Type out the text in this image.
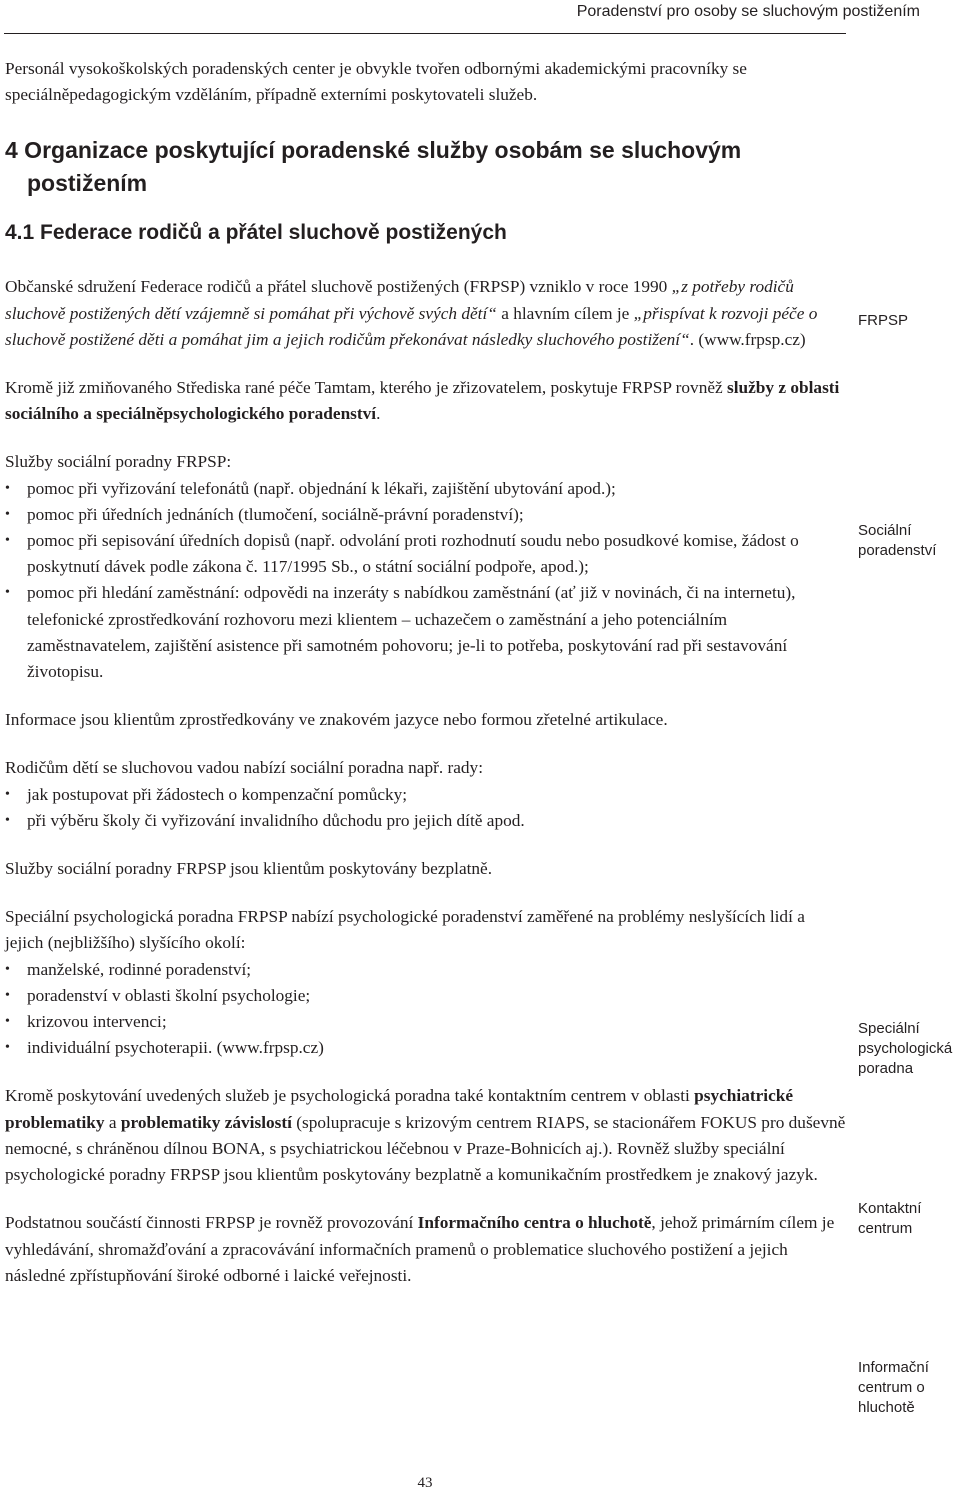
Poradenství pro osoby se sluchovým postižením

Personál vysokoškolských poradenských center je obvykle tvořen odbornými akademickými pracovníky se speciálněpedagogickým vzděláním, případně externími poskytovateli služeb.

4 Organizace poskytující poradenské služby osobám se sluchovým postižením
4.1 Federace rodičů a přátel sluchově postižených

Občanské sdružení Federace rodičů a přátel sluchově postižených (FRPSP) vzniklo v roce 1990 „z potřeby rodičů sluchově postižených dětí vzájemně si pomáhat při výchově svých dětí“ a hlavním cílem je „přispívat k rozvoji péče o sluchově postižené děti a pomáhat jim a jejich rodičům překonávat následky sluchového postižení“. (www.frpsp.cz)

Kromě již zmiňovaného Střediska rané péče Tamtam, kterého je zřizovatelem, poskytuje FRPSP rovněž služby z oblasti sociálního a speciálněpsychologického poradenství.

Služby sociální poradny FRPSP:

• pomoc při vyřizování telefonátů (např. objednání k lékaři, zajištění ubytování apod.);
• pomoc při úředních jednáních (tlumočení, sociálně-právní poradenství);
• pomoc při sepisování úředních dopisů (např. odvolání proti rozhodnutí soudu nebo posudkové komise, žádost o poskytnutí dávek podle zákona č. 117/1995 Sb., o státní sociální podpoře, apod.);
• pomoc při hledání zaměstnání: odpovědi na inzeráty s nabídkou zaměstnání (ať již v novinách, či na internetu), telefonické zprostředkování rozhovoru mezi klientem – uchazečem o zaměstnání a jeho potenciálním zaměstnavatelem, zajištění asistence při samotném pohovoru; je-li to potřeba, poskytování rad při sestavování životopisu.

Informace jsou klientům zprostředkovány ve znakovém jazyce nebo formou zřetelné artikulace.

Rodičům dětí se sluchovou vadou nabízí sociální poradna např. rady:

• jak postupovat při žádostech o kompenzační pomůcky;
• při výběru školy či vyřizování invalidního důchodu pro jejich dítě apod.

Služby sociální poradny FRPSP jsou klientům poskytovány bezplatně.

Speciální psychologická poradna FRPSP nabízí psychologické poradenství zaměřené na problémy neslyšících lidí a jejich (nejbližšího) slyšícího okolí:

• manželské, rodinné poradenství;
• poradenství v oblasti školní psychologie;
• krizovou intervenci;
• individuální psychoterapii. (www.frpsp.cz)

Kromě poskytování uvedených služeb je psychologická poradna také kontaktním centrem v oblasti psychiatrické problematiky a problematiky závislostí (spolupracuje s krizovým centrem RIAPS, se stacionářem FOKUS pro duševně nemocné, s chráněnou dílnou BONA, s psychiatrickou léčebnou v Praze-Bohnicích aj.). Rovněž služby speciální psychologické poradny FRPSP jsou klientům poskytovány bezplatně a komunikačním prostředkem je znakový jazyk.

Podstatnou součástí činnosti FRPSP je rovněž provozování Informačního centra o hluchotě, jehož primárním cílem je vyhledávání, shromažďování a zpracovávání informačních pramenů o problematice sluchového postižení a jejich následné zpřístupňování široké odborné i laické veřejnosti.

FRPSP
Sociální poradenství
Speciální psychologická poradna
Kontaktní centrum
Informační centrum o hluchotě
43
